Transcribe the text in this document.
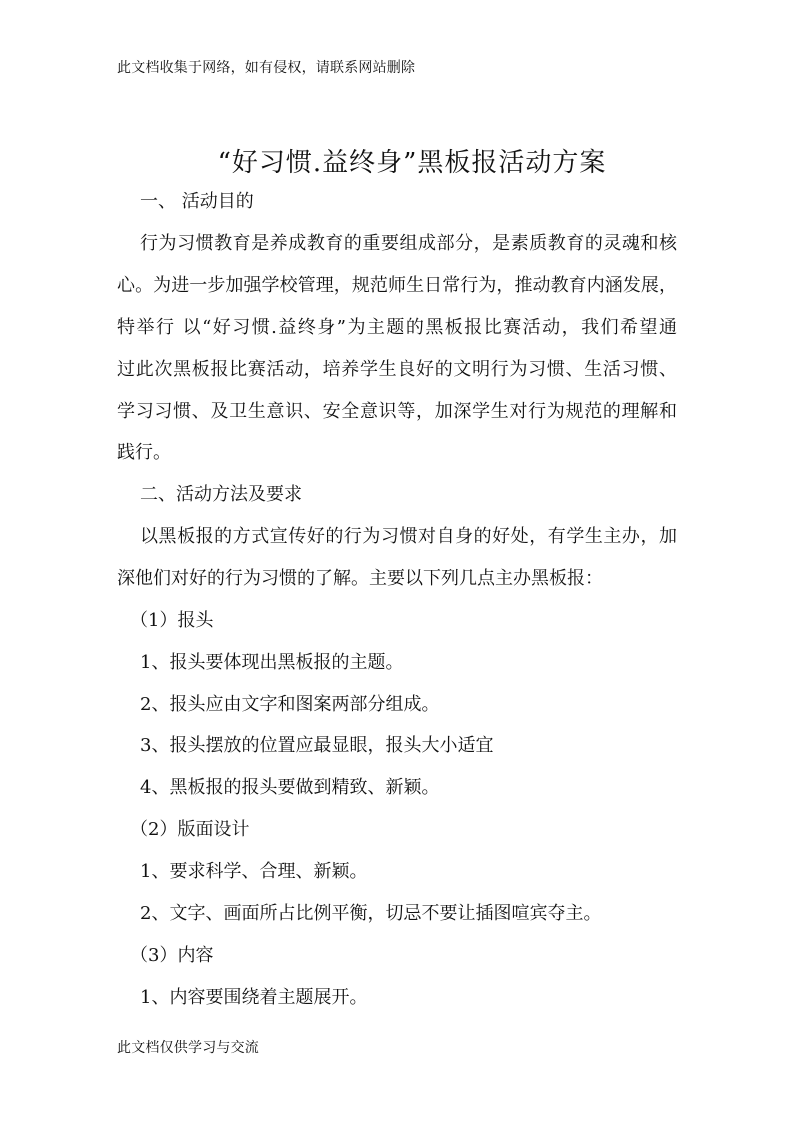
此文档收集于网络，如有侵权，请联系网站删除
“好习惯.益终身”黑板报活动方案
一、 活动目的
行为习惯教育是养成教育的重要组成部分，是素质教育的灵魂和核
心。为进一步加强学校管理，规范师生日常行为，推动教育内涵发展，
特举行 以“好习惯.益终身”为主题的黑板报比赛活动，我们希望通
过此次黑板报比赛活动，培养学生良好的文明行为习惯、生活习惯、
学习习惯、及卫生意识、安全意识等，加深学生对行为规范的理解和
践行。
二、活动方法及要求
以黑板报的方式宣传好的行为习惯对自身的好处，有学生主办，加
深他们对好的行为习惯的了解。主要以下列几点主办黑板报：
（1）报头
1、报头要体现出黑板报的主题。
2、报头应由文字和图案两部分组成。
3、报头摆放的位置应最显眼，报头大小适宜
4、黑板报的报头要做到精致、新颖。
（2）版面设计
1、要求科学、合理、新颖。
2、文字、画面所占比例平衡，切忌不要让插图喧宾夺主。
（3）内容
1、内容要围绕着主题展开。
此文档仅供学习与交流
